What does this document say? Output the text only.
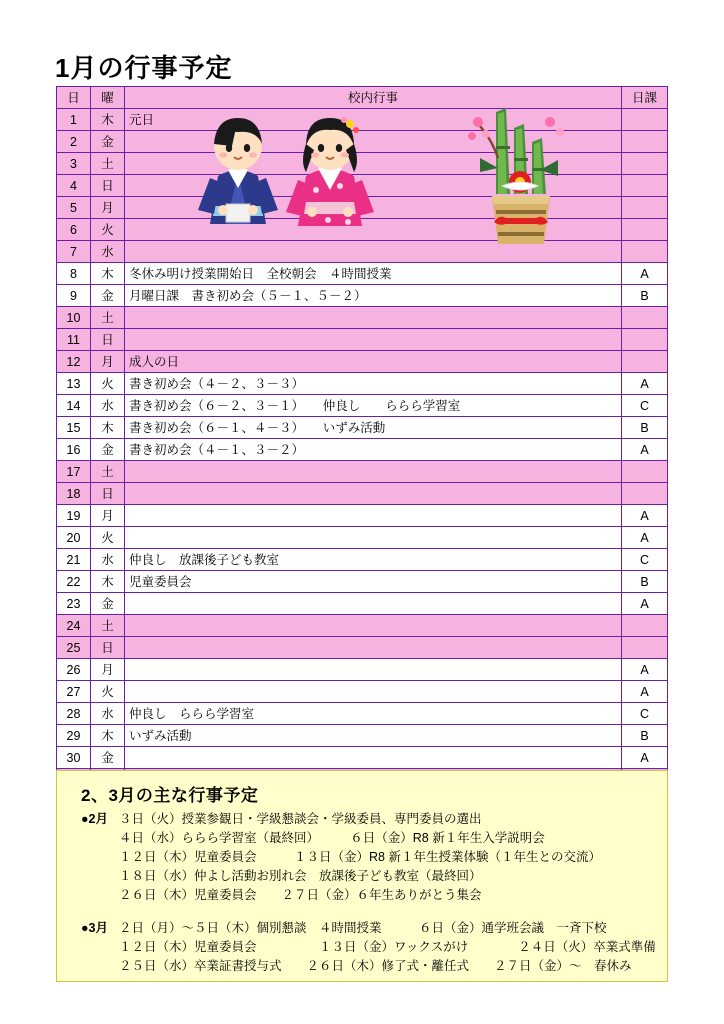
1月の行事予定
日	曜	校内行事	日課
1	木	元日	
2	金		
3	土		
4	日		
5	月		
6	火		
7	水		
8	木	冬休み明け授業開始日　全校朝会　４時間授業	A
9	金	月曜日課　書き初め会（５－１、５－２）	B
10	土		
11	日		
12	月	成人の日	
13	火	書き初め会（４－２、３－３）	A
14	水	書き初め会（６－２、３－１）　　仲良し　　ららら学習室	C
15	木	書き初め会（６－１、４－３）　　いずみ活動	B
16	金	書き初め会（４－１、３－２）	A
17	土		
18	日		
19	月		A
20	火		A
21	水	仲良し　放課後子ども教室	C
22	木	児童委員会	B
23	金		A
24	土		
25	日		
26	月		A
27	火		A
28	水	仲良し　ららら学習室	C
29	木	いずみ活動	B
30	金		A

2、3月の主な行事予定
●2月 ３日（火）授業参観日・学級懇談会・学級委員、専門委員の選出
４日（水）ららら学習室（最終回）　　　６日（金）R8 新１年生入学説明会
１２日（木）児童委員会　　　１３日（金）R8 新１年生授業体験（１年生との交流）
１８日（水）仲よし活動お別れ会　放課後子ども教室（最終回）
２６日（木）児童委員会　　２７日（金）６年生ありがとう集会
●3月 ２日（月）～５日（木）個別懇談　４時間授業　　　６日（金）通学班会議　一斉下校
１２日（木）児童委員会　　　　　１３日（金）ワックスがけ　　　　２４日（火）卒業式準備
２５日（水）卒業証書授与式　　２６日（木）修了式・離任式　　２７日（金）～　春休み
